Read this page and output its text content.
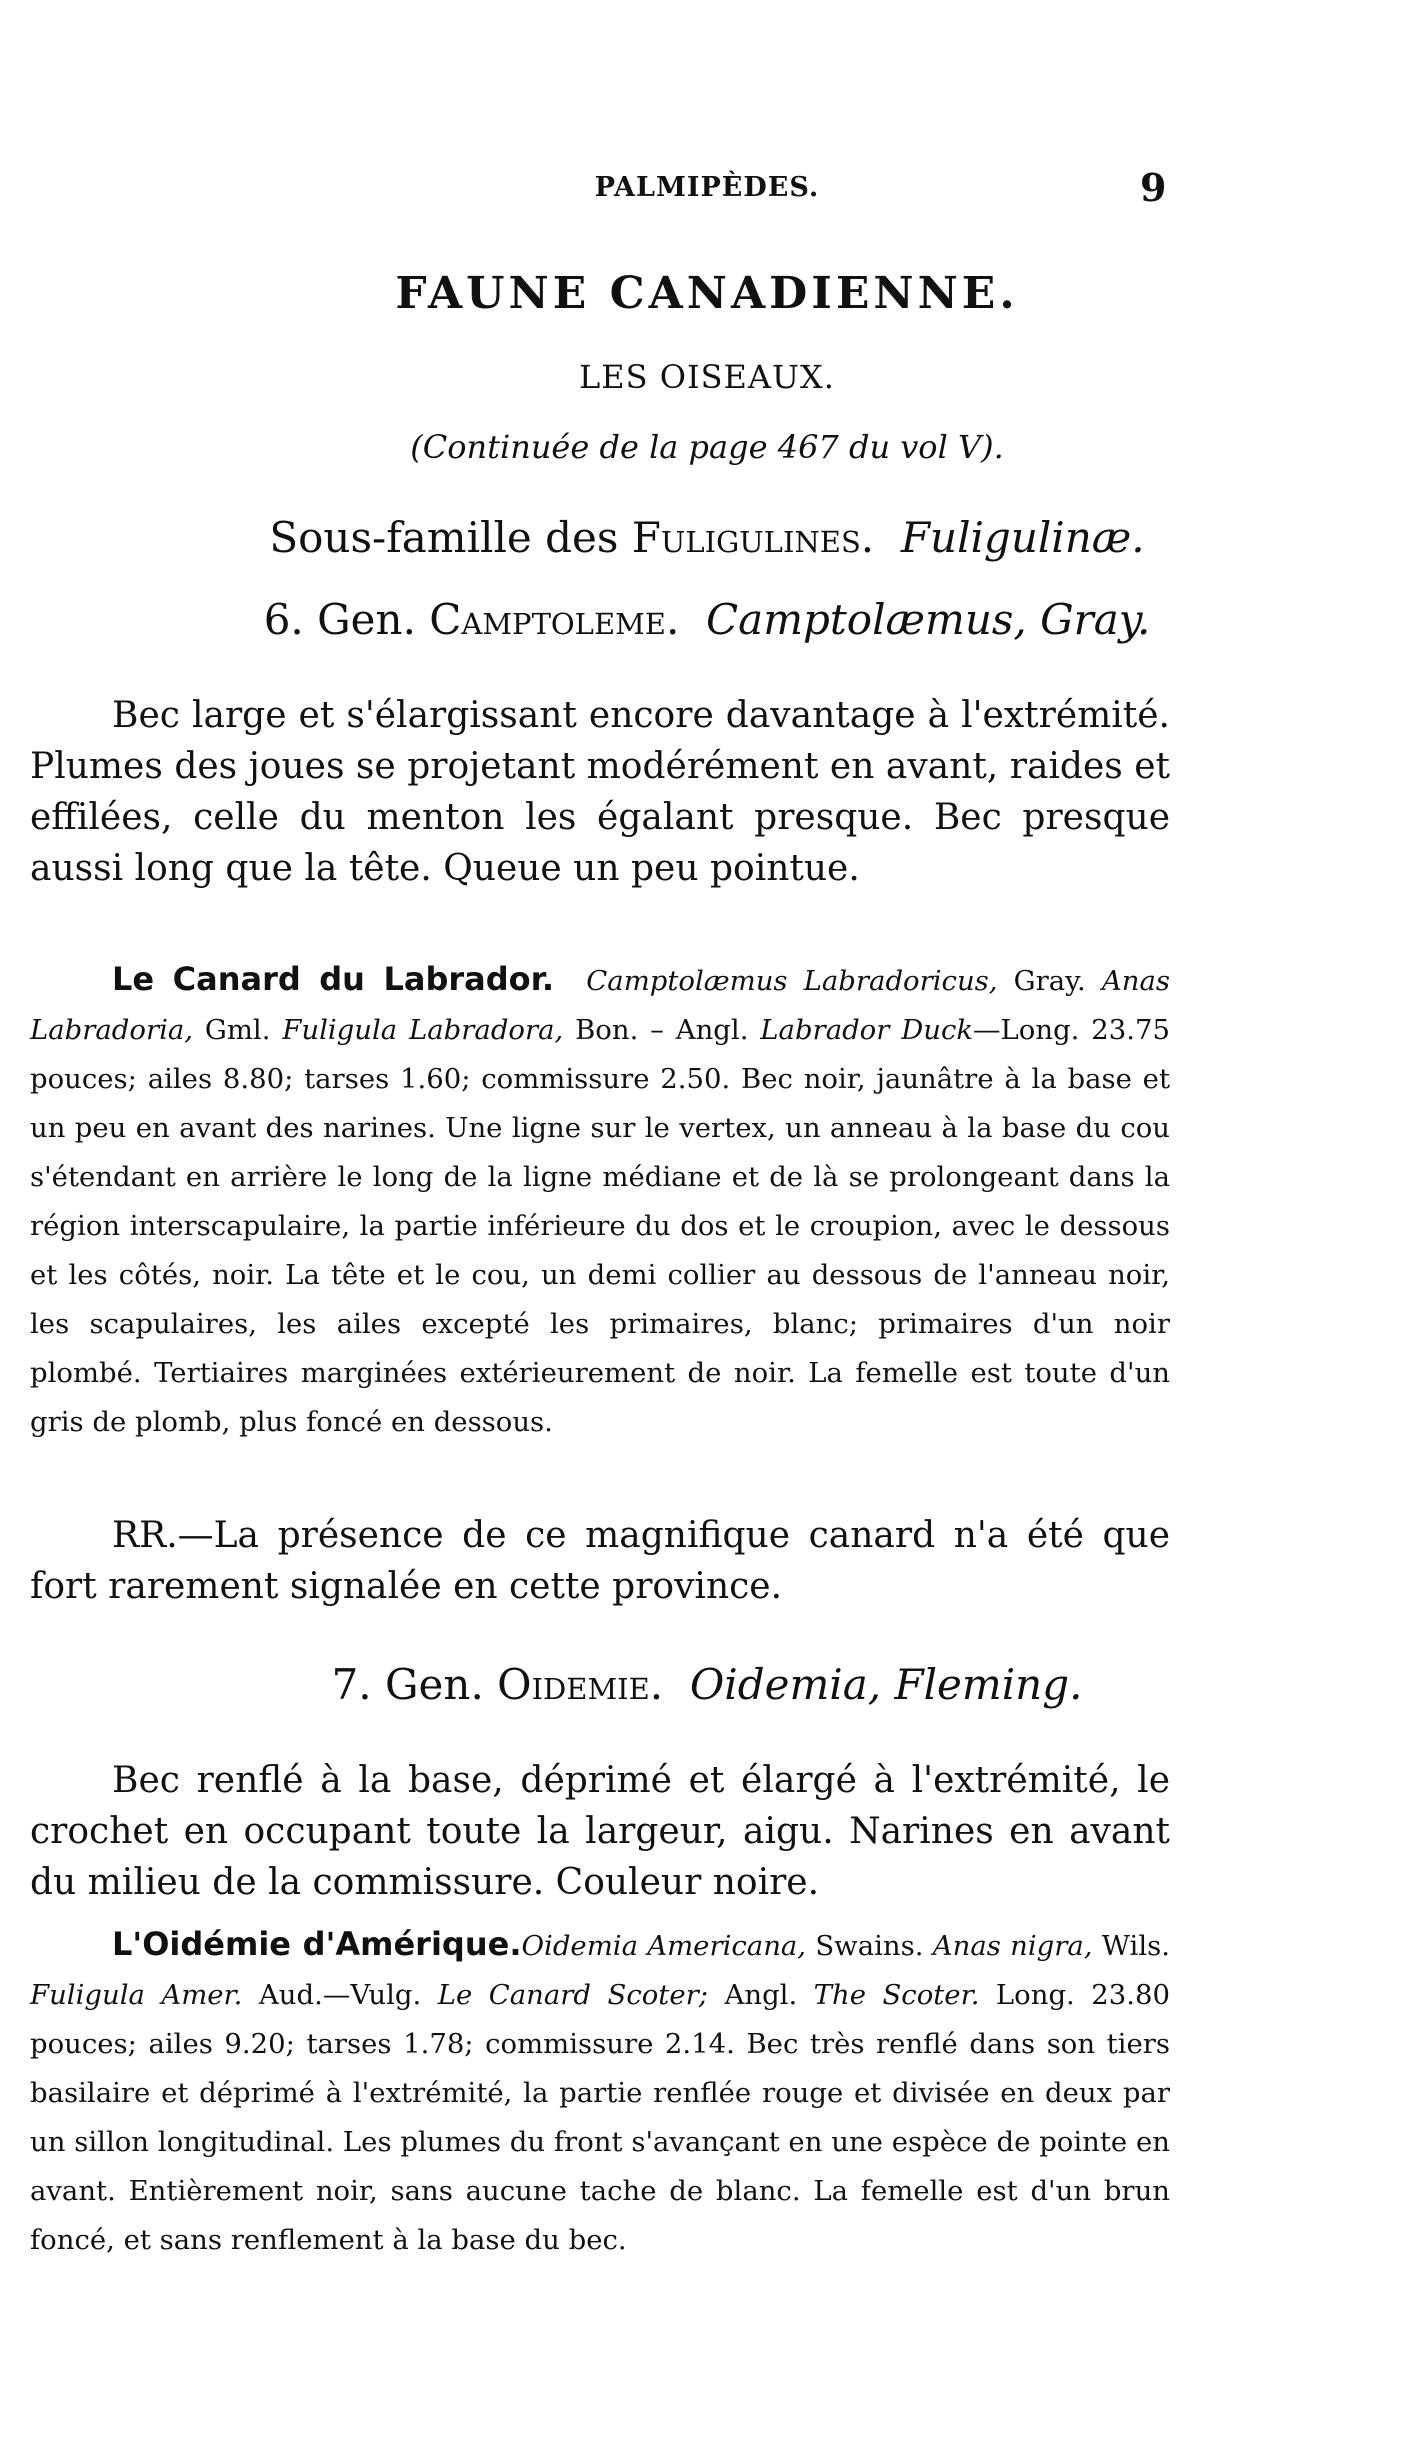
PALMIPÈDES.	9
FAUNE CANADIENNE.
LES OISEAUX.
(Continuée de la page 467 du vol V).
Sous-famille des Fuligulines. Fuligulinæ.
6. Gen. Camptoleme. Camptolæmus, Gray.

Bec large et s'élargissant encore davantage à l'extrémité. Plumes des joues se projetant modérément en avant, raides et effilées, celle du menton les égalant presque. Bec presque aussi long que la tête. Queue un peu pointue.

Le Canard du Labrador. Camptolæmus Labradoricus, Gray. Anas Labradoria, Gml. Fuligula Labradora, Bon. – Angl. Labrador Duck—Long. 23.75 pouces; ailes 8.80; tarses 1.60; commissure 2.50. Bec noir, jaunâtre à la base et un peu en avant des narines. Une ligne sur le vertex, un anneau à la base du cou s'étendant en arrière le long de la ligne médiane et de là se prolongeant dans la région interscapulaire, la partie inférieure du dos et le croupion, avec le dessous et les côtés, noir. La tête et le cou, un demi collier au dessous de l'anneau noir, les scapulaires, les ailes excepté les primaires, blanc; primaires d'un noir plombé. Tertiaires marginées extérieurement de noir. La femelle est toute d'un gris de plomb, plus foncé en dessous.

RR.—La présence de ce magnifique canard n'a été que fort rarement signalée en cette province.

7. Gen. Oidemie. Oidemia, Fleming.

Bec renflé à la base, déprimé et élargé à l'extrémité, le crochet en occupant toute la largeur, aigu. Narines en avant du milieu de la commissure. Couleur noire.

L'Oidémie d'Amérique.Oidemia Americana, Swains. Anas nigra, Wils. Fuligula Amer. Aud.—Vulg. Le Canard Scoter; Angl. The Scoter. Long. 23.80 pouces; ailes 9.20; tarses 1.78; commissure 2.14. Bec très renflé dans son tiers basilaire et déprimé à l'extrémité, la partie renflée rouge et divisée en deux par un sillon longitudinal. Les plumes du front s'avançant en une espèce de pointe en avant. Entièrement noir, sans aucune tache de blanc. La femelle est d'un brun foncé, et sans renflement à la base du bec.
